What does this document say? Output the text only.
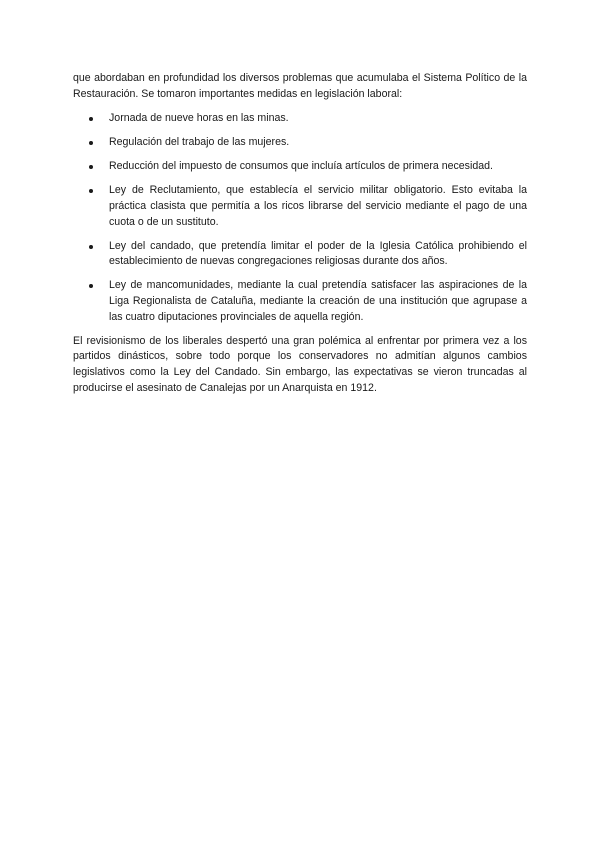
que abordaban en profundidad los diversos problemas que acumulaba el Sistema Político de la Restauración. Se tomaron importantes medidas en legislación laboral:

Jornada de nueve horas en las minas.
Regulación del trabajo de las mujeres.
Reducción del impuesto de consumos que incluía artículos de primera necesidad.
Ley de Reclutamiento, que establecía el servicio militar obligatorio. Esto evitaba la práctica clasista que permitía a los ricos librarse del servicio mediante el pago de una cuota o de un sustituto.
Ley del candado, que pretendía limitar el poder de la Iglesia Católica prohibiendo el establecimiento de nuevas congregaciones religiosas durante dos años.
Ley de mancomunidades, mediante la cual pretendía satisfacer las aspiraciones de la Liga Regionalista de Cataluña, mediante la creación de una institución que agrupase a las cuatro diputaciones provinciales de aquella región.

El revisionismo de los liberales despertó una gran polémica al enfrentar por primera vez a los partidos dinásticos, sobre todo porque los conservadores no admitían algunos cambios legislativos como la Ley del Candado. Sin embargo, las expectativas se vieron truncadas al producirse el asesinato de Canalejas por un Anarquista en 1912.
